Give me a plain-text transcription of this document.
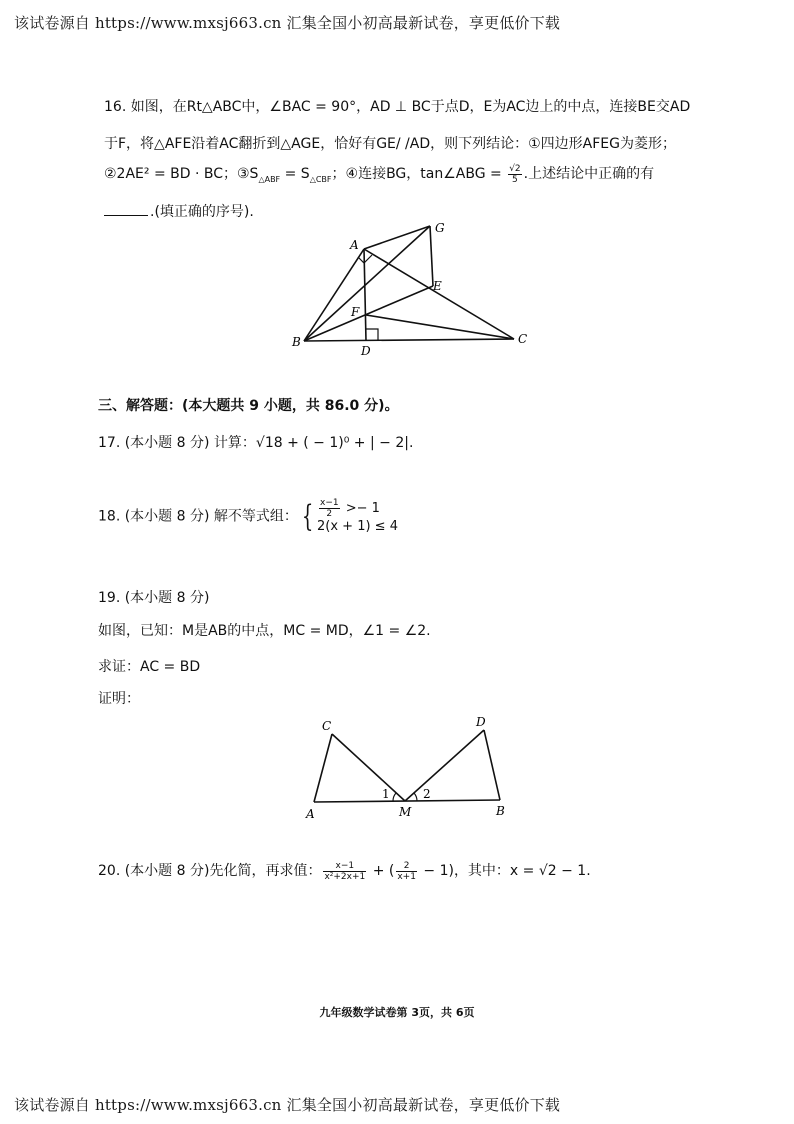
该试卷源自 https://www.mxsj663.cn 汇集全国小初高最新试卷，享更低价下载
16. 如图，在Rt△ABC中，∠BAC = 90°，AD ⊥ BC于点D，E为AC边上的中点，连接BE交AD
于F，将△AFE沿着AC翻折到△AGE，恰好有GE/ /AD，则下列结论：①四边形AFEG为菱形；
②2AE² = BD · BC；$③S_{\triangle ABF} = S_{\triangle CBF}$；④连接BG，tan∠ABG = $\frac{√2}{5}$ .上述结论中正确的有
.(填正确的序号).
A
G
E
F
B
D
C
三、解答题：(本大题共 9 小题，共 86.0 分)。
17. (本小题 8 分) 计算：√18 + ( − 1)⁰ + | − 2|.
18. (本小题 8 分) 解不等式组： { $\frac{x-1}{2} >- 1$
2(x + 1) ≤ 4
19. (本小题 8 分)
如图，已知：M是AB的中点，MC = MD，∠1 = ∠2.
求证：AC = BD
证明：
C	D
A	M	B
1	2
20. (本小题 8 分)先化简，再求值： $\frac{x-1}{\text{x²+2x+1}}$ + ( $\frac{2}{x+1} - 1$)，其中：x = √2 − 1.
九年级数学试卷第 3页，共 6页
该试卷源自 https://www.mxsj663.cn 汇集全国小初高最新试卷，享更低价下载
